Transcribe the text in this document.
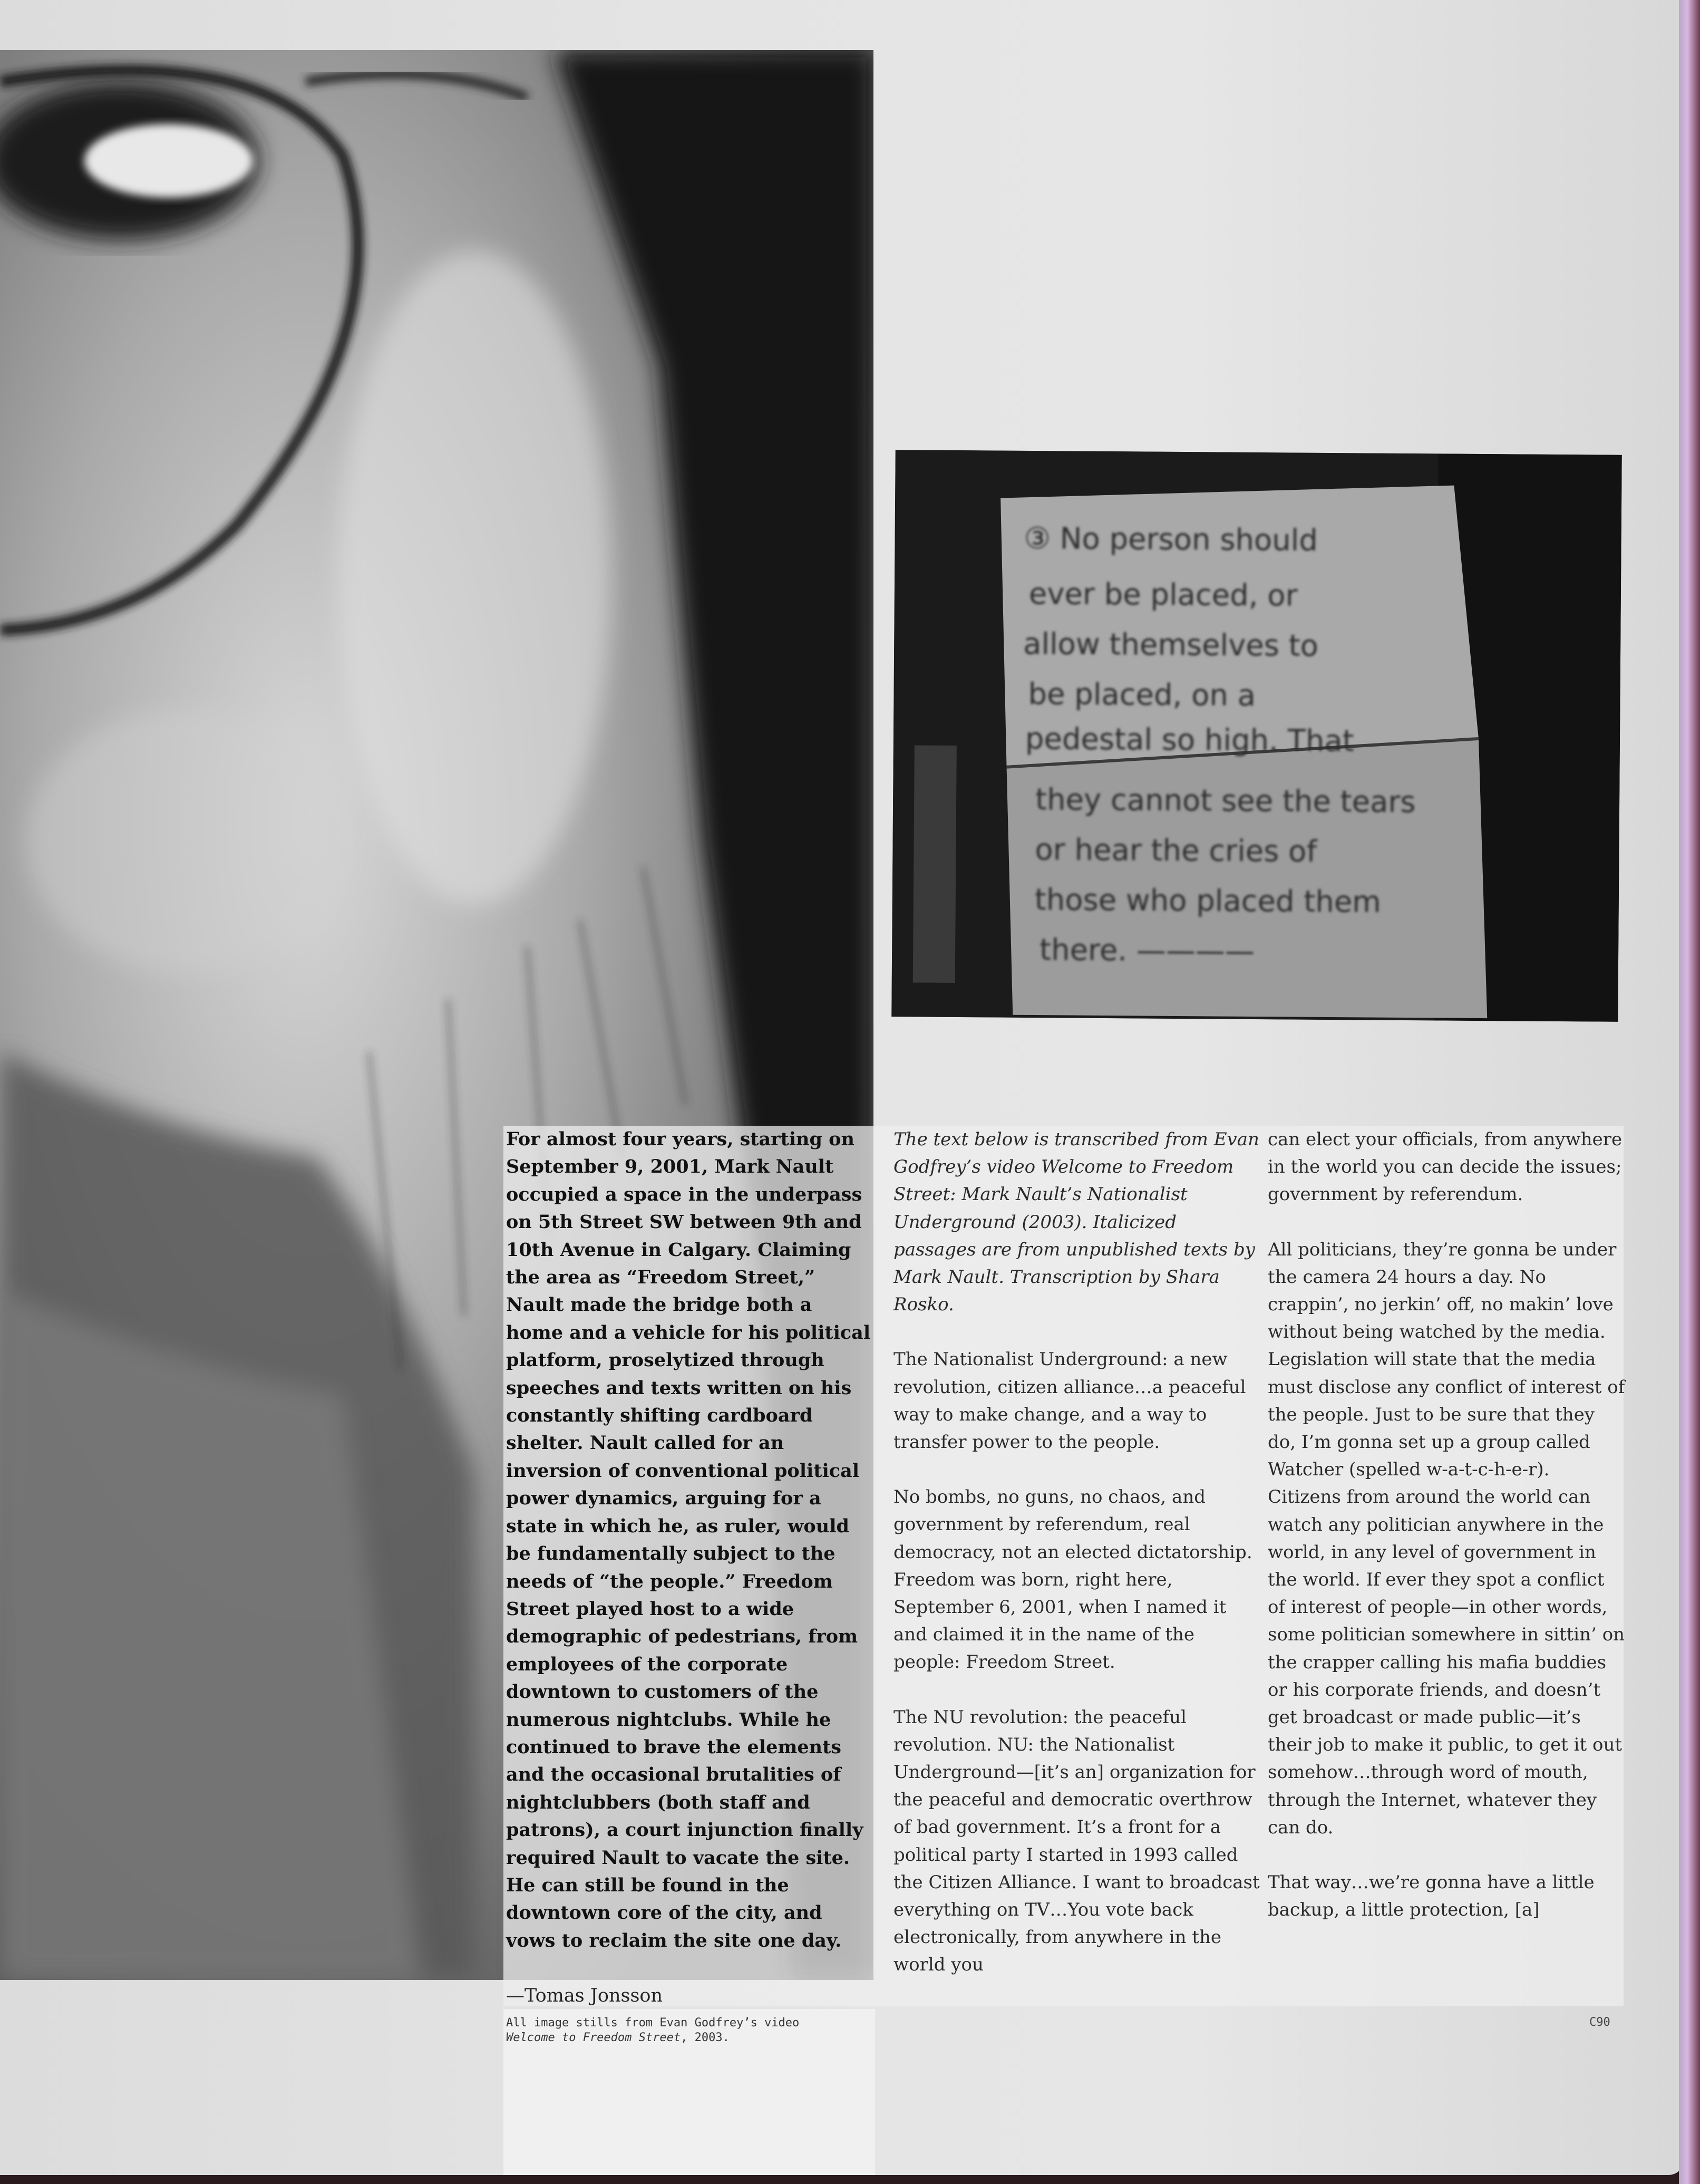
③ No person should ever be placed, or allow themselves to be placed, on a pedestal so high. That they cannot see the tears or hear the cries of those who placed them there. ————

For almost four years, starting on September 9, 2001, Mark Nault occupied a space in the underpass on 5th Street SW between 9th and 10th Avenue in Calgary. Claiming the area as “Freedom Street,” Nault made the bridge both a home and a vehicle for his political platform, proselytized through speeches and texts written on his constantly shifting cardboard shelter. Nault called for an inversion of conventional political power dynamics, arguing for a state in which he, as ruler, would be fundamentally subject to the needs of “the people.” Freedom Street played host to a wide demographic of pedestrians, from employees of the corporate downtown to customers of the numerous nightclubs. While he continued to brave the elements and the occasional brutalities of nightclubbers (both staff and patrons), a court injunction finally required Nault to vacate the site. He can still be found in the downtown core of the city, and vows to reclaim the site one day.

—Tomas Jonsson

The text below is transcribed from Evan Godfrey’s video Welcome to Freedom Street: Mark Nault’s Nationalist Underground (2003). Italicized passages are from unpublished texts by Mark Nault. Transcription by Shara Rosko.

The Nationalist Underground: a new revolution, citizen alliance…a peaceful way to make change, and a way to transfer power to the people.

No bombs, no guns, no chaos, and government by referendum, real democracy, not an elected dictatorship. Freedom was born, right here, September 6, 2001, when I named it and claimed it in the name of the people: Freedom Street.

The NU revolution: the peaceful revolution. NU: the Nationalist Underground—[it’s an] organization for the peaceful and democratic overthrow of bad government. It’s a front for a political party I started in 1993 called the Citizen Alliance. I want to broadcast everything on TV…You vote back electronically, from anywhere in the world you

can elect your officials, from anywhere in the world you can decide the issues; government by referendum.

All politicians, they’re gonna be under the camera 24 hours a day. No crappin’, no jerkin’ off, no makin’ love without being watched by the media. Legislation will state that the media must disclose any conflict of interest of the people. Just to be sure that they do, I’m gonna set up a group called Watcher (spelled w-a-t-c-h-e-r). Citizens from around the world can watch any politician anywhere in the world, in any level of government in the world. If ever they spot a conflict of interest of people—in other words, some politician somewhere in sittin’ on the crapper calling his mafia buddies or his corporate friends, and doesn’t get broadcast or made public—it’s their job to make it public, to get it out somehow…through word of mouth, through the Internet, whatever they can do.

That way…we’re gonna have a little backup, a little protection, [a]

All image stills from Evan Godfrey’s video
Welcome to Freedom Street, 2003.
C90
